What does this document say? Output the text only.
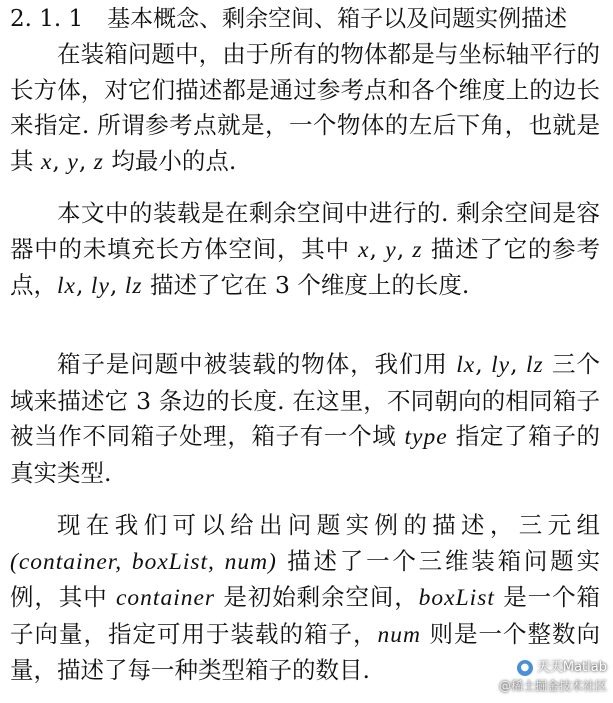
2. 1. 1 基本概念、剩余空间、箱子以及问题实例描述

在装箱问题中，由于所有的物体都是与坐标轴平行的长方体，对它们描述都是通过参考点和各个维度上的边长来指定. 所谓参考点就是，一个物体的左后下角，也就是其 x, y, z 均最小的点.

本文中的装载是在剩余空间中进行的. 剩余空间是容器中的未填充长方体空间，其中 x, y, z 描述了它的参考点，lx, ly, lz 描述了它在 3 个维度上的长度.

箱子是问题中被装载的物体，我们用 lx, ly, lz 三个域来描述它 3 条边的长度. 在这里，不同朝向的相同箱子被当作不同箱子处理，箱子有一个域 type 指定了箱子的真实类型.

现在我们可以给出问题实例的描述，三元组 (container, boxList, num) 描述了一个三维装箱问题实例，其中 container 是初始剩余空间，boxList 是一个箱子向量，指定可用于装载的箱子，num 则是一个整数向量，描述了每一种类型箱子的数目.	● 天天Matlab
@稀土掘金技术社区
